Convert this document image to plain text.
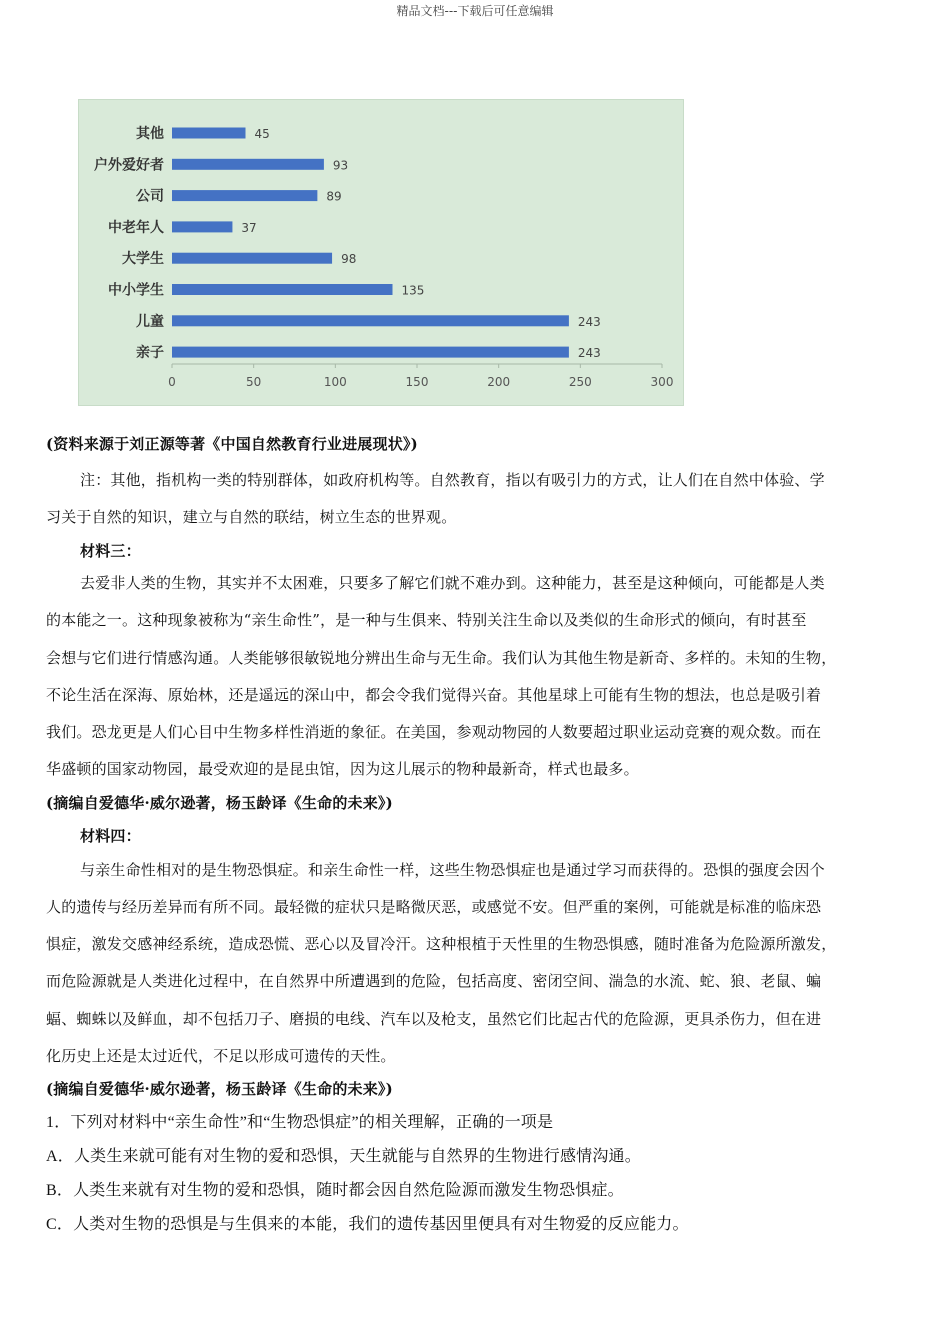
精品文档---下载后可任意编辑
其他	45
户外爱好者	93
公司	89
中老年人	37
大学生	98
中小学生	135
儿童	243
亲子	243
0	50	100	150	200	250	300
(资料来源于刘正源等著《中国自然教育行业进展现状》)
注：其他，指机构一类的特别群体，如政府机构等。自然教育，指以有吸引力的方式，让人们在自然中体验、学
习关于自然的知识，建立与自然的联结，树立生态的世界观。
材料三：
去爱非人类的生物，其实并不太困难，只要多了解它们就不难办到。这种能力，甚至是这种倾向，可能都是人类
的本能之一。这种现象被称为“亲生命性”，是一种与生俱来、特别关注生命以及类似的生命形式的倾向，有时甚至
会想与它们进行情感沟通。人类能够很敏锐地分辨出生命与无生命。我们认为其他生物是新奇、多样的。未知的生物，
不论生活在深海、原始林，还是遥远的深山中，都会令我们觉得兴奋。其他星球上可能有生物的想法，也总是吸引着
我们。恐龙更是人们心目中生物多样性消逝的象征。在美国，参观动物园的人数要超过职业运动竞赛的观众数。而在
华盛顿的国家动物园，最受欢迎的是昆虫馆，因为这儿展示的物种最新奇，样式也最多。
(摘编自爱德华·威尔逊著，杨玉龄译《生命的未来》)
材料四：
与亲生命性相对的是生物恐惧症。和亲生命性一样，这些生物恐惧症也是通过学习而获得的。恐惧的强度会因个
人的遗传与经历差异而有所不同。最轻微的症状只是略微厌恶，或感觉不安。但严重的案例，可能就是标准的临床恐
惧症，激发交感神经系统，造成恐慌、恶心以及冒冷汗。这种根植于天性里的生物恐惧感，随时准备为危险源所激发，
而危险源就是人类进化过程中，在自然界中所遭遇到的危险，包括高度、密闭空间、湍急的水流、蛇、狼、老鼠、蝙
蝠、蜘蛛以及鲜血，却不包括刀子、磨损的电线、汽车以及枪支，虽然它们比起古代的危险源，更具杀伤力，但在进
化历史上还是太过近代，不足以形成可遗传的天性。
(摘编自爱德华·威尔逊著，杨玉龄译《生命的未来》)
1．下列对材料中“亲生命性”和“生物恐惧症”的相关理解，正确的一项是
A．人类生来就可能有对生物的爱和恐惧，天生就能与自然界的生物进行感情沟通。
B．人类生来就有对生物的爱和恐惧，随时都会因自然危险源而激发生物恐惧症。
C．人类对生物的恐惧是与生俱来的本能，我们的遗传基因里便具有对生物爱的反应能力。
